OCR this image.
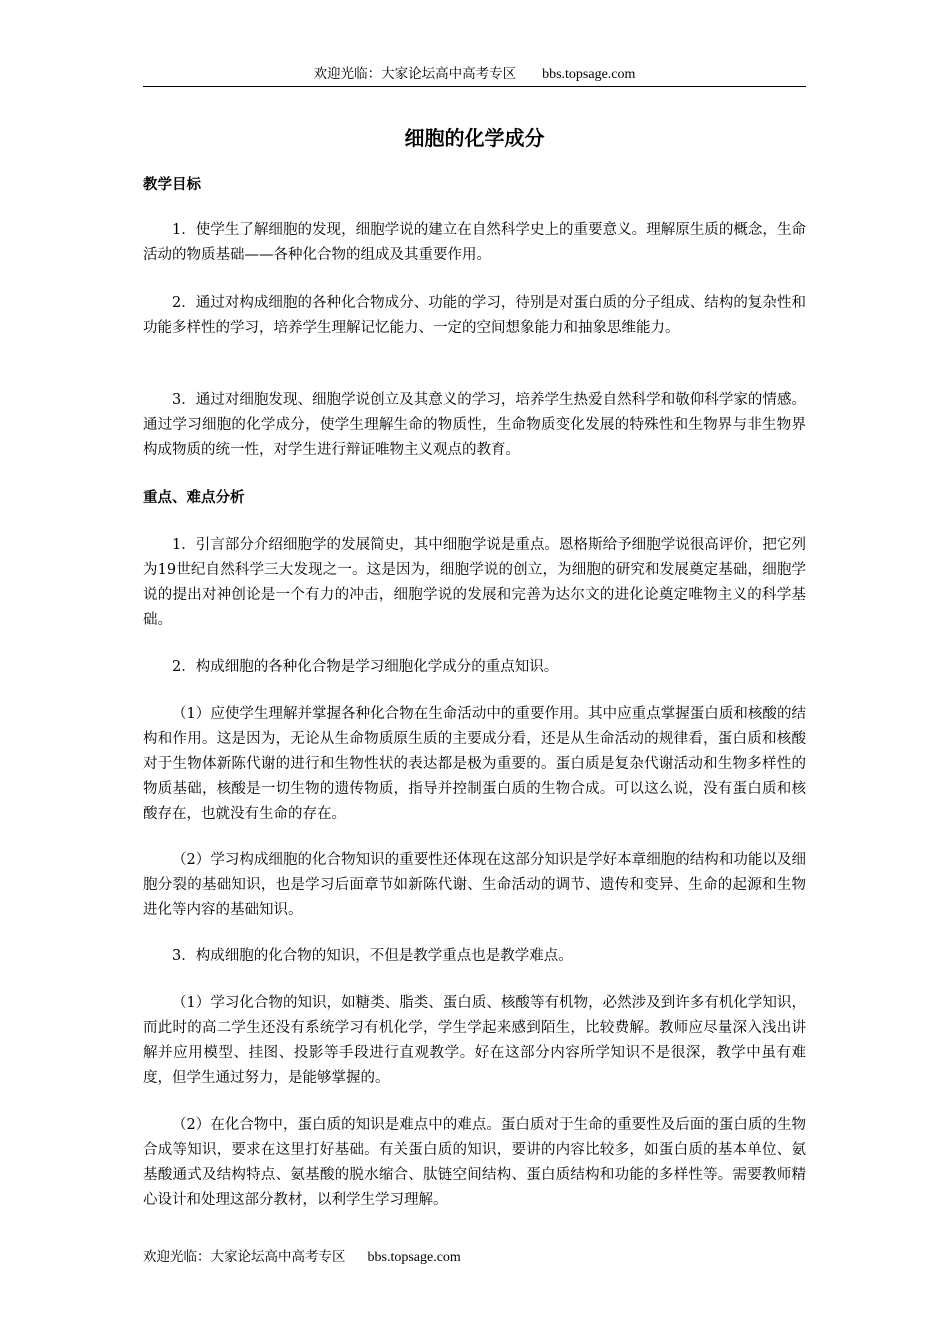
欢迎光临：大家论坛高中高考专区 bbs.topsage.com
细胞的化学成分
教学目标

1．使学生了解细胞的发现，细胞学说的建立在自然科学史上的重要意义。理解原生质的概念，生命活动的物质基础——各种化合物的组成及其重要作用。

2．通过对构成细胞的各种化合物成分、功能的学习，待别是对蛋白质的分子组成、结构的复杂性和功能多样性的学习，培养学生理解记忆能力、一定的空间想象能力和抽象思维能力。

3．通过对细胞发现、细胞学说创立及其意义的学习，培养学生热爱自然科学和敬仰科学家的情感。通过学习细胞的化学成分，使学生理解生命的物质性，生命物质变化发展的特殊性和生物界与非生物界构成物质的统一性，对学生进行辩证唯物主义观点的教育。

重点、难点分析

1．引言部分介绍细胞学的发展简史，其中细胞学说是重点。恩格斯给予细胞学说很高评价，把它列为19世纪自然科学三大发现之一。这是因为，细胞学说的创立，为细胞的研究和发展奠定基础，细胞学说的提出对神创论是一个有力的冲击，细胞学说的发展和完善为达尔文的进化论奠定唯物主义的科学基础。

2．构成细胞的各种化合物是学习细胞化学成分的重点知识。

（1）应使学生理解并掌握各种化合物在生命活动中的重要作用。其中应重点掌握蛋白质和核酸的结构和作用。这是因为，无论从生命物质原生质的主要成分看，还是从生命活动的规律看，蛋白质和核酸对于生物体新陈代谢的进行和生物性状的表达都是极为重要的。蛋白质是复杂代谢活动和生物多样性的物质基础，核酸是一切生物的遗传物质，指导并控制蛋白质的生物合成。可以这么说，没有蛋白质和核酸存在，也就没有生命的存在。

（2）学习构成细胞的化合物知识的重要性还体现在这部分知识是学好本章细胞的结构和功能以及细胞分裂的基础知识，也是学习后面章节如新陈代谢、生命活动的调节、遗传和变异、生命的起源和生物进化等内容的基础知识。

3．构成细胞的化合物的知识，不但是教学重点也是教学难点。

（1）学习化合物的知识，如糖类、脂类、蛋白质、核酸等有机物，必然涉及到许多有机化学知识，而此时的高二学生还没有系统学习有机化学，学生学起来感到陌生，比较费解。教师应尽量深入浅出讲解并应用模型、挂图、投影等手段进行直观教学。好在这部分内容所学知识不是很深，教学中虽有难度，但学生通过努力，是能够掌握的。

（2）在化合物中，蛋白质的知识是难点中的难点。蛋白质对于生命的重要性及后面的蛋白质的生物合成等知识，要求在这里打好基础。有关蛋白质的知识，要讲的内容比较多，如蛋白质的基本单位、氨基酸通式及结构特点、氨基酸的脱水缩合、肽链空间结构、蛋白质结构和功能的多样性等。需要教师精心设计和处理这部分教材，以利学生学习理解。

欢迎光临：大家论坛高中高考专区 bbs.topsage.com
